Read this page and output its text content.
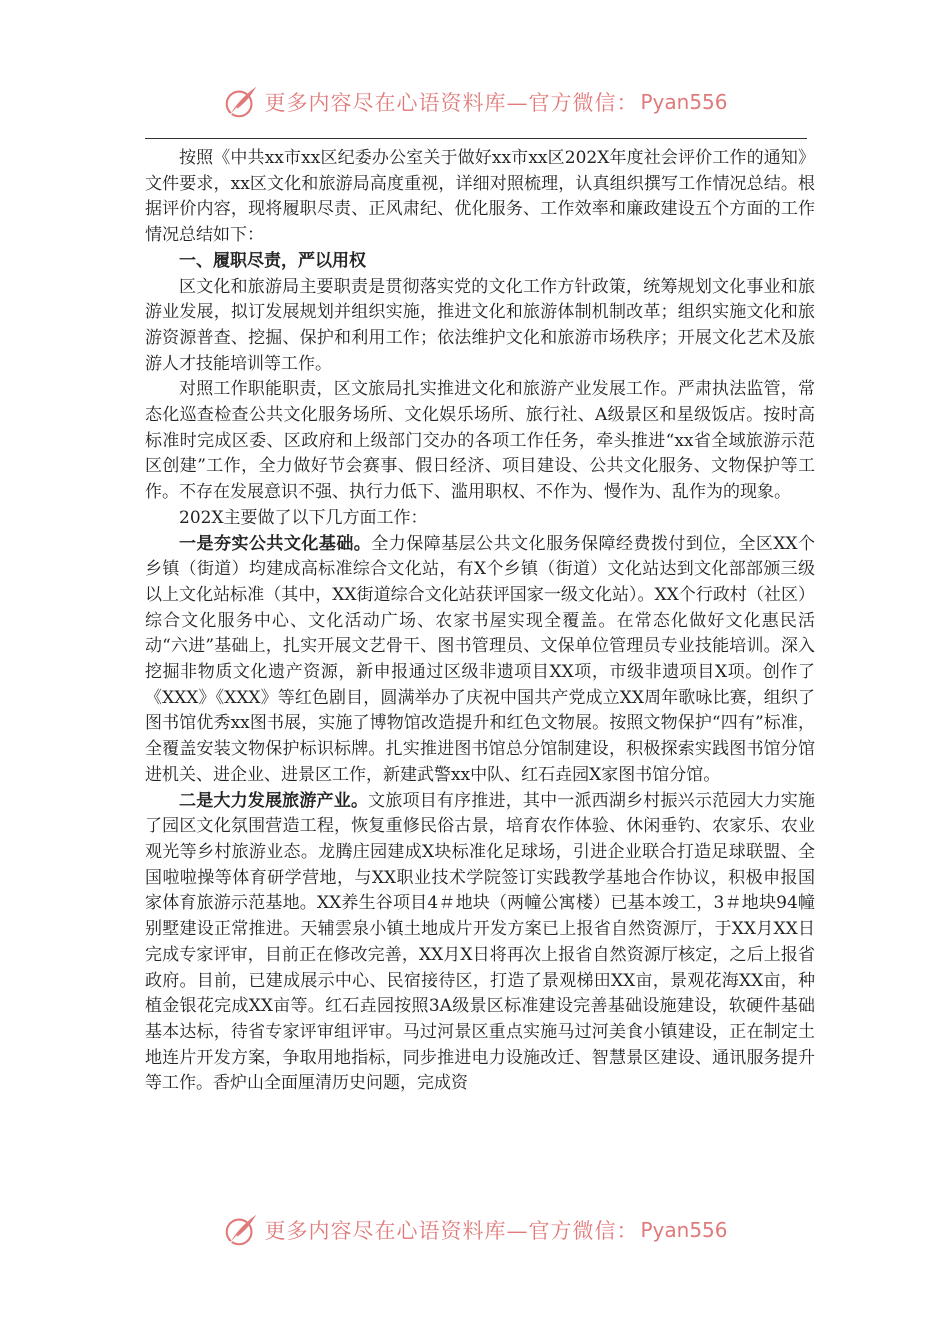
更多内容尽在心语资料库—官方微信： Pyan556

按照《中共xx市xx区纪委办公室关于做好xx市xx区202X年度社会评价工作的通知》文件要求，xx区文化和旅游局高度重视，详细对照梳理，认真组织撰写工作情况总结。根据评价内容，现将履职尽责、正风肃纪、优化服务、工作效率和廉政建设五个方面的工作情况总结如下：

一、履职尽责，严以用权

区文化和旅游局主要职责是贯彻落实党的文化工作方针政策，统筹规划文化事业和旅游业发展，拟订发展规划并组织实施，推进文化和旅游体制机制改革；组织实施文化和旅游资源普查、挖掘、保护和利用工作；依法维护文化和旅游市场秩序；开展文化艺术及旅游人才技能培训等工作。

对照工作职能职责，区文旅局扎实推进文化和旅游产业发展工作。严肃执法监管，常态化巡查检查公共文化服务场所、文化娱乐场所、旅行社、A级景区和星级饭店。按时高标准时完成区委、区政府和上级部门交办的各项工作任务，牵头推进“xx省全域旅游示范区创建”工作，全力做好节会赛事、假日经济、项目建设、公共文化服务、文物保护等工作。不存在发展意识不强、执行力低下、滥用职权、不作为、慢作为、乱作为的现象。

202X主要做了以下几方面工作：

一是夯实公共文化基础。全力保障基层公共文化服务保障经费拨付到位，全区XX个乡镇（街道）均建成高标准综合文化站，有X个乡镇（街道）文化站达到文化部部颁三级以上文化站标准（其中，XX街道综合文化站获评国家一级文化站）。XX个行政村（社区）综合文化服务中心、文化活动广场、农家书屋实现全覆盖。在常态化做好文化惠民活动“六进”基础上，扎实开展文艺骨干、图书管理员、文保单位管理员专业技能培训。深入挖掘非物质文化遗产资源，新申报通过区级非遗项目XX项，市级非遗项目X项。创作了《XXX》《XXX》等红色剧目，圆满举办了庆祝中国共产党成立XX周年歌咏比赛，组织了图书馆优秀xx图书展，实施了博物馆改造提升和红色文物展。按照文物保护“四有”标准，全覆盖安装文物保护标识标牌。扎实推进图书馆总分馆制建设，积极探索实践图书馆分馆进机关、进企业、进景区工作，新建武警xx中队、红石垚园X家图书馆分馆。

二是大力发展旅游产业。文旅项目有序推进，其中一派西湖乡村振兴示范园大力实施了园区文化氛围营造工程，恢复重修民俗古景，培育农作体验、休闲垂钓、农家乐、农业观光等乡村旅游业态。龙腾庄园建成X块标准化足球场，引进企业联合打造足球联盟、全国啦啦操等体育研学营地，与XX职业技术学院签订实践教学基地合作协议，积极申报国家体育旅游示范基地。XX养生谷项目4＃地块（两幢公寓楼）已基本竣工，3＃地块94幢别墅建设正常推进。天辅雲泉小镇土地成片开发方案已上报省自然资源厅，于XX月XX日完成专家评审，目前正在修改完善，XX月X日将再次上报省自然资源厅核定，之后上报省政府。目前，已建成展示中心、民宿接待区，打造了景观梯田XX亩，景观花海XX亩，种植金银花完成XX亩等。红石垚园按照3A级景区标准建设完善基础设施建设，软硬件基础基本达标，待省专家评审组评审。马过河景区重点实施马过河美食小镇建设，正在制定土地连片开发方案，争取用地指标，同步推进电力设施改迁、智慧景区建设、通讯服务提升等工作。香炉山全面厘清历史问题，完成资

更多内容尽在心语资料库—官方微信： Pyan556
